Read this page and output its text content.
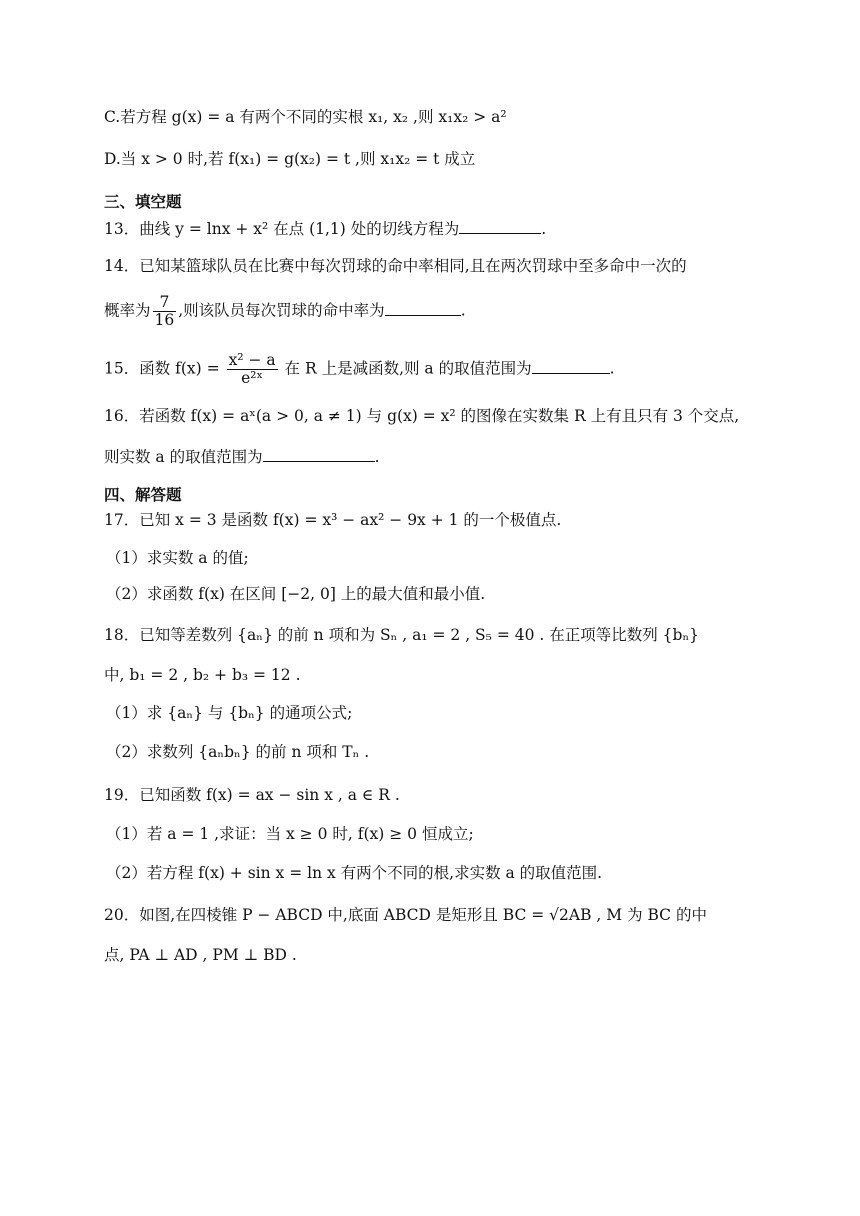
C.若方程 g(x) = a 有两个不同的实根 x₁, x₂ ,则 x₁x₂ > a²
D.当 x > 0 时,若 f(x₁) = g(x₂) = t ,则 x₁x₂ = t 成立
三、填空题
13．曲线 y = lnx + x² 在点 (1,1) 处的切线方程为	.
14．已知某篮球队员在比赛中每次罚球的命中率相同,且在两次罚球中至多命中一次的
概率为 $\frac{7}{16}$ ,则该队员每次罚球的命中率为	.
15．函数 $f(x) = \frac{\text{x² − a}}{\text{e²ˣ}}$ 在 R 上是减函数,则 a 的取值范围为	.
16．若函数 f(x) = aˣ(a > 0, a ≠ 1) 与 g(x) = x² 的图像在实数集 R 上有且只有 3 个交点,
则实数 a 的取值范围为	.
四、解答题
17．已知 x = 3 是函数 f(x) = x³ − ax² − 9x + 1 的一个极值点.
（1）求实数 a 的值;
（2）求函数 f(x) 在区间 [−2, 0] 上的最大值和最小值.
18．已知等差数列 {aₙ} 的前 n 项和为 Sₙ , a₁ = 2 , S₅ = 40 . 在正项等比数列 {bₙ}
中, b₁ = 2 , b₂ + b₃ = 12 .
（1）求 {aₙ} 与 {bₙ} 的通项公式;
（2）求数列 {aₙbₙ} 的前 n 项和 Tₙ .
19．已知函数 f(x) = ax − sin x , a ∈ R .
（1）若 a = 1 ,求证：当 x ≥ 0 时, f(x) ≥ 0 恒成立;
（2）若方程 f(x) + sin x = ln x 有两个不同的根,求实数 a 的取值范围.
20．如图,在四棱锥 P − ABCD 中,底面 ABCD 是矩形且 BC = √2AB , M 为 BC 的中
点, PA ⊥ AD , PM ⊥ BD .
